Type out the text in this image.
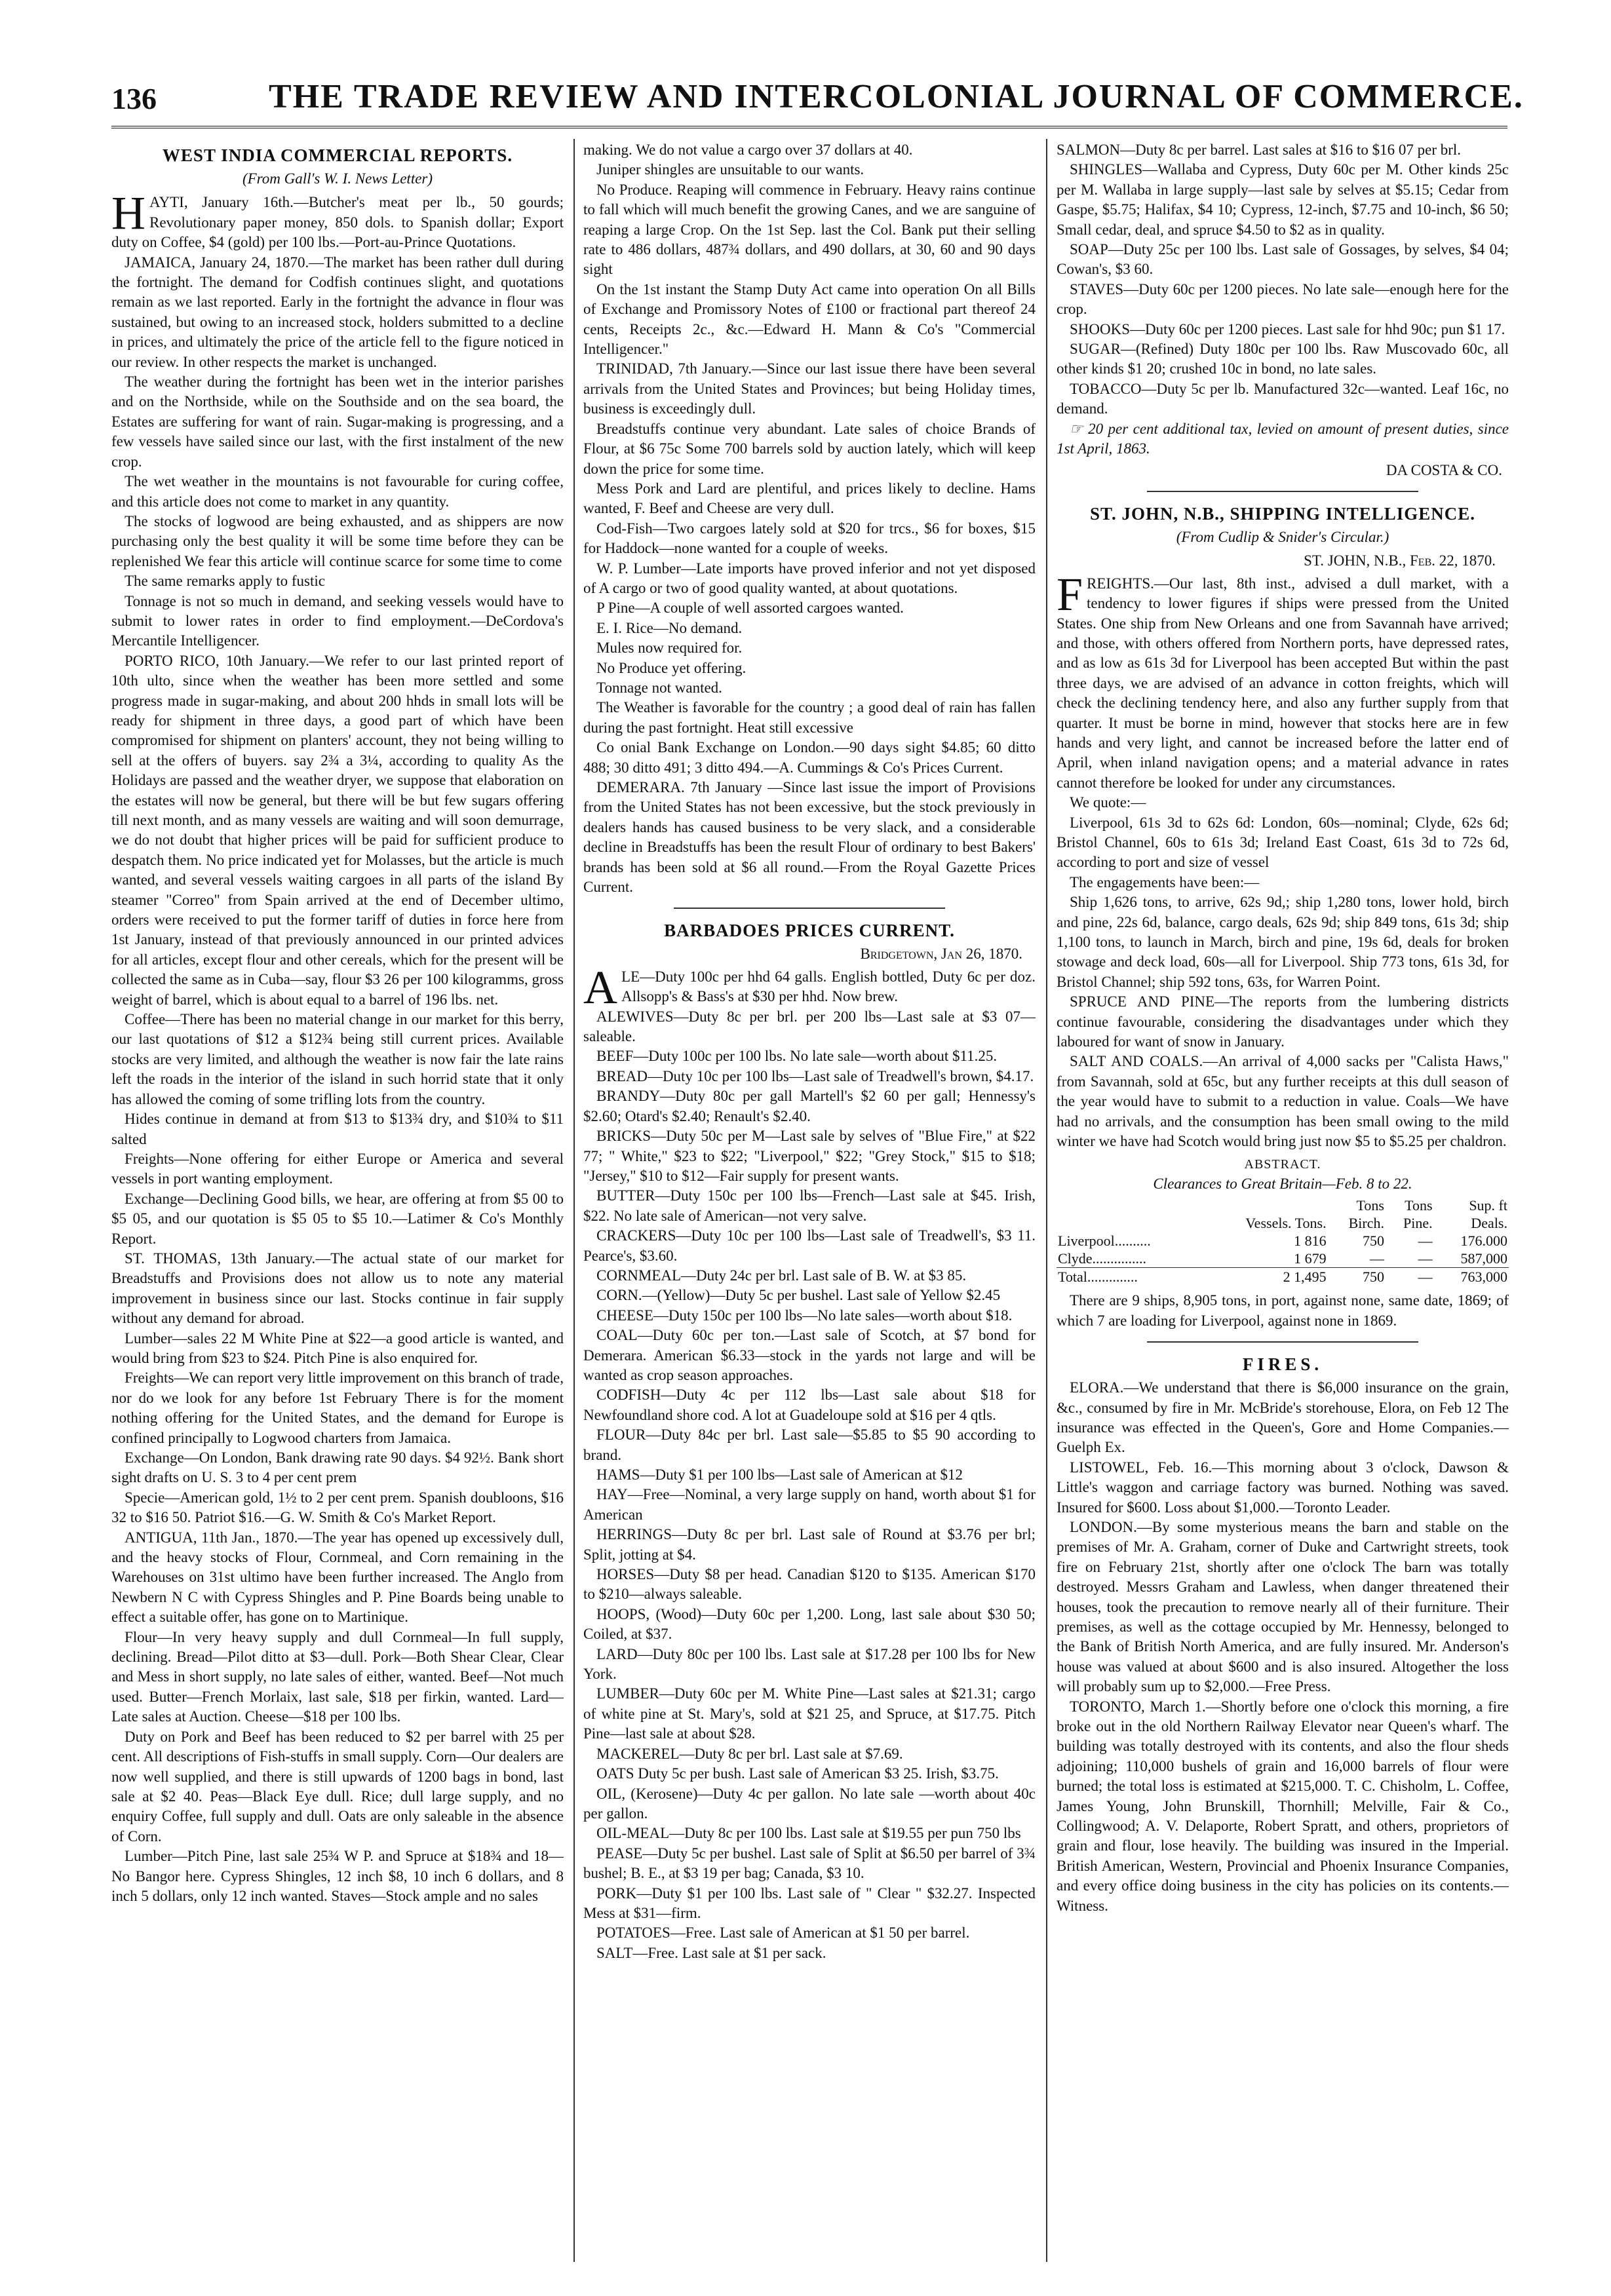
136	THE TRADE REVIEW AND INTERCOLONIAL JOURNAL OF COMMERCE.
WEST INDIA COMMERCIAL REPORTS.
(From Gall's W. I. News Letter)

HAYTI, January 16th.—Butcher's meat per lb., 50 gourds; Revolutionary paper money, 850 dols. to Spanish dollar; Export duty on Coffee, $4 (gold) per 100 lbs.—Port-au-Prince Quotations.

JAMAICA, January 24, 1870.—The market has been rather dull during the fortnight. The demand for Codfish continues slight, and quotations remain as we last reported. Early in the fortnight the advance in flour was sustained, but owing to an increased stock, holders submitted to a decline in prices, and ultimately the price of the article fell to the figure noticed in our review. In other respects the market is unchanged.

The weather during the fortnight has been wet in the interior parishes and on the Northside, while on the Southside and on the sea board, the Estates are suffering for want of rain. Sugar-making is progressing, and a few vessels have sailed since our last, with the first instalment of the new crop.

The wet weather in the mountains is not favourable for curing coffee, and this article does not come to market in any quantity.

The stocks of logwood are being exhausted, and as shippers are now purchasing only the best quality it will be some time before they can be replenished We fear this article will continue scarce for some time to come

The same remarks apply to fustic

Tonnage is not so much in demand, and seeking vessels would have to submit to lower rates in order to find employment.—DeCordova's Mercantile Intelligencer.

PORTO RICO, 10th January.—We refer to our last printed report of 10th ulto, since when the weather has been more settled and some progress made in sugar-making, and about 200 hhds in small lots will be ready for shipment in three days, a good part of which have been compromised for shipment on planters' account, they not being willing to sell at the offers of buyers. say 2¾ a 3¼, according to quality As the Holidays are passed and the weather dryer, we suppose that elaboration on the estates will now be general, but there will be but few sugars offering till next month, and as many vessels are waiting and will soon demurrage, we do not doubt that higher prices will be paid for sufficient produce to despatch them. No price indicated yet for Molasses, but the article is much wanted, and several vessels waiting cargoes in all parts of the island By steamer "Correo" from Spain arrived at the end of December ultimo, orders were received to put the former tariff of duties in force here from 1st January, instead of that previously announced in our printed advices for all articles, except flour and other cereals, which for the present will be collected the same as in Cuba—say, flour $3 26 per 100 kilogramms, gross weight of barrel, which is about equal to a barrel of 196 lbs. net.

Coffee—There has been no material change in our market for this berry, our last quotations of $12 a $12¾ being still current prices. Available stocks are very limited, and although the weather is now fair the late rains left the roads in the interior of the island in such horrid state that it only has allowed the coming of some trifling lots from the country.

Hides continue in demand at from $13 to $13¾ dry, and $10¾ to $11 salted

Freights—None offering for either Europe or America and several vessels in port wanting employment.

Exchange—Declining Good bills, we hear, are offering at from $5 00 to $5 05, and our quotation is $5 05 to $5 10.—Latimer & Co's Monthly Report.

ST. THOMAS, 13th January.—The actual state of our market for Breadstuffs and Provisions does not allow us to note any material improvement in business since our last. Stocks continue in fair supply without any demand for abroad.

Lumber—sales 22 M White Pine at $22—a good article is wanted, and would bring from $23 to $24. Pitch Pine is also enquired for.

Freights—We can report very little improvement on this branch of trade, nor do we look for any before 1st February There is for the moment nothing offering for the United States, and the demand for Europe is confined principally to Logwood charters from Jamaica.

Exchange—On London, Bank drawing rate 90 days. $4 92½. Bank short sight drafts on U. S. 3 to 4 per cent prem

Specie—American gold, 1½ to 2 per cent prem. Spanish doubloons, $16 32 to $16 50. Patriot $16.—G. W. Smith & Co's Market Report.

ANTIGUA, 11th Jan., 1870.—The year has opened up excessively dull, and the heavy stocks of Flour, Cornmeal, and Corn remaining in the Warehouses on 31st ultimo have been further increased. The Anglo from Newbern N C with Cypress Shingles and P. Pine Boards being unable to effect a suitable offer, has gone on to Martinique.

Flour—In very heavy supply and dull Cornmeal—In full supply, declining. Bread—Pilot ditto at $3—dull. Pork—Both Shear Clear, Clear and Mess in short supply, no late sales of either, wanted. Beef—Not much used. Butter—French Morlaix, last sale, $18 per firkin, wanted. Lard—Late sales at Auction. Cheese—$18 per 100 lbs.

Duty on Pork and Beef has been reduced to $2 per barrel with 25 per cent. All descriptions of Fish-stuffs in small supply. Corn—Our dealers are now well supplied, and there is still upwards of 1200 bags in bond, last sale at $2 40. Peas—Black Eye dull. Rice; dull large supply, and no enquiry Coffee, full supply and dull. Oats are only saleable in the absence of Corn.

Lumber—Pitch Pine, last sale 25¾ W P. and Spruce at $18¾ and 18—No Bangor here. Cypress Shingles, 12 inch $8, 10 inch 6 dollars, and 8 inch 5 dollars, only 12 inch wanted. Staves—Stock ample and no sales

making. We do not value a cargo over 37 dollars at 40.

Juniper shingles are unsuitable to our wants.

No Produce. Reaping will commence in February. Heavy rains continue to fall which will much benefit the growing Canes, and we are sanguine of reaping a large Crop. On the 1st Sep. last the Col. Bank put their selling rate to 486 dollars, 487¾ dollars, and 490 dollars, at 30, 60 and 90 days sight

On the 1st instant the Stamp Duty Act came into operation On all Bills of Exchange and Promissory Notes of £100 or fractional part thereof 24 cents, Receipts 2c., &c.—Edward H. Mann & Co's "Commercial Intelligencer."

TRINIDAD, 7th January.—Since our last issue there have been several arrivals from the United States and Provinces; but being Holiday times, business is exceedingly dull.

Breadstuffs continue very abundant. Late sales of choice Brands of Flour, at $6 75c Some 700 barrels sold by auction lately, which will keep down the price for some time.

Mess Pork and Lard are plentiful, and prices likely to decline. Hams wanted, F. Beef and Cheese are very dull.

Cod-Fish—Two cargoes lately sold at $20 for trcs., $6 for boxes, $15 for Haddock—none wanted for a couple of weeks.

W. P. Lumber—Late imports have proved inferior and not yet disposed of A cargo or two of good quality wanted, at about quotations.

P Pine—A couple of well assorted cargoes wanted.

E. I. Rice—No demand.

Mules now required for.

No Produce yet offering.

Tonnage not wanted.

The Weather is favorable for the country ; a good deal of rain has fallen during the past fortnight. Heat still excessive

Co onial Bank Exchange on London.—90 days sight $4.85; 60 ditto 488; 30 ditto 491; 3 ditto 494.—A. Cummings & Co's Prices Current.

DEMERARA. 7th January —Since last issue the import of Provisions from the United States has not been excessive, but the stock previously in dealers hands has caused business to be very slack, and a considerable decline in Breadstuffs has been the result Flour of ordinary to best Bakers' brands has been sold at $6 all round.—From the Royal Gazette Prices Current.

BARBADOES PRICES CURRENT.
Bridgetown, Jan 26, 1870.

ALE—Duty 100c per hhd 64 galls. English bottled, Duty 6c per doz. Allsopp's & Bass's at $30 per hhd. Now brew.

ALEWIVES—Duty 8c per brl. per 200 lbs—Last sale at $3 07—saleable.

BEEF—Duty 100c per 100 lbs. No late sale—worth about $11.25.

BREAD—Duty 10c per 100 lbs—Last sale of Treadwell's brown, $4.17.

BRANDY—Duty 80c per gall Martell's $2 60 per gall; Hennessy's $2.60; Otard's $2.40; Renault's $2.40.

BRICKS—Duty 50c per M—Last sale by selves of "Blue Fire," at $22 77; " White," $23 to $22; "Liverpool," $22; "Grey Stock," $15 to $18; "Jersey," $10 to $12—Fair supply for present wants.

BUTTER—Duty 150c per 100 lbs—French—Last sale at $45. Irish, $22. No late sale of American—not very salve.

CRACKERS—Duty 10c per 100 lbs—Last sale of Treadwell's, $3 11. Pearce's, $3.60.

CORNMEAL—Duty 24c per brl. Last sale of B. W. at $3 85.

CORN.—(Yellow)—Duty 5c per bushel. Last sale of Yellow $2.45

CHEESE—Duty 150c per 100 lbs—No late sales—worth about $18.

COAL—Duty 60c per ton.—Last sale of Scotch, at $7 bond for Demerara. American $6.33—stock in the yards not large and will be wanted as crop season approaches.

CODFISH—Duty 4c per 112 lbs—Last sale about $18 for Newfoundland shore cod. A lot at Guadeloupe sold at $16 per 4 qtls.

FLOUR—Duty 84c per brl. Last sale—$5.85 to $5 90 according to brand.

HAMS—Duty $1 per 100 lbs—Last sale of American at $12

HAY—Free—Nominal, a very large supply on hand, worth about $1 for American

HERRINGS—Duty 8c per brl. Last sale of Round at $3.76 per brl; Split, jotting at $4.

HORSES—Duty $8 per head. Canadian $120 to $135. American $170 to $210—always saleable.

HOOPS, (Wood)—Duty 60c per 1,200. Long, last sale about $30 50; Coiled, at $37.

LARD—Duty 80c per 100 lbs. Last sale at $17.28 per 100 lbs for New York.

LUMBER—Duty 60c per M. White Pine—Last sales at $21.31; cargo of white pine at St. Mary's, sold at $21 25, and Spruce, at $17.75. Pitch Pine—last sale at about $28.

MACKEREL—Duty 8c per brl. Last sale at $7.69.

OATS Duty 5c per bush. Last sale of American $3 25. Irish, $3.75.

OIL, (Kerosene)—Duty 4c per gallon. No late sale —worth about 40c per gallon.

OIL-MEAL—Duty 8c per 100 lbs. Last sale at $19.55 per pun 750 lbs

PEASE—Duty 5c per bushel. Last sale of Split at $6.50 per barrel of 3¾ bushel; B. E., at $3 19 per bag; Canada, $3 10.

PORK—Duty $1 per 100 lbs. Last sale of " Clear " $32.27. Inspected Mess at $31—firm.

POTATOES—Free. Last sale of American at $1 50 per barrel.

SALT—Free. Last sale at $1 per sack.

SALMON—Duty 8c per barrel. Last sales at $16 to $16 07 per brl.

SHINGLES—Wallaba and Cypress, Duty 60c per M. Other kinds 25c per M. Wallaba in large supply—last sale by selves at $5.15; Cedar from Gaspe, $5.75; Halifax, $4 10; Cypress, 12-inch, $7.75 and 10-inch, $6 50; Small cedar, deal, and spruce $4.50 to $2 as in quality.

SOAP—Duty 25c per 100 lbs. Last sale of Gossages, by selves, $4 04; Cowan's, $3 60.

STAVES—Duty 60c per 1200 pieces. No late sale—enough here for the crop.

SHOOKS—Duty 60c per 1200 pieces. Last sale for hhd 90c; pun $1 17.

SUGAR—(Refined) Duty 180c per 100 lbs. Raw Muscovado 60c, all other kinds $1 20; crushed 10c in bond, no late sales.

TOBACCO—Duty 5c per lb. Manufactured 32c—wanted. Leaf 16c, no demand.

☞ 20 per cent additional tax, levied on amount of present duties, since 1st April, 1863.

DA COSTA & CO.
ST. JOHN, N.B., SHIPPING INTELLIGENCE.
(From Cudlip & Snider's Circular.)
ST. JOHN, N.B., Feb. 22, 1870.

FREIGHTS.—Our last, 8th inst., advised a dull market, with a tendency to lower figures if ships were pressed from the United States. One ship from New Orleans and one from Savannah have arrived; and those, with others offered from Northern ports, have depressed rates, and as low as 61s 3d for Liverpool has been accepted But within the past three days, we are advised of an advance in cotton freights, which will check the declining tendency here, and also any further supply from that quarter. It must be borne in mind, however that stocks here are in few hands and very light, and cannot be increased before the latter end of April, when inland navigation opens; and a material advance in rates cannot therefore be looked for under any circumstances.

We quote:—

Liverpool, 61s 3d to 62s 6d: London, 60s—nominal; Clyde, 62s 6d; Bristol Channel, 60s to 61s 3d; Ireland East Coast, 61s 3d to 72s 6d, according to port and size of vessel

The engagements have been:—

Ship 1,626 tons, to arrive, 62s 9d,; ship 1,280 tons, lower hold, birch and pine, 22s 6d, balance, cargo deals, 62s 9d; ship 849 tons, 61s 3d; ship 1,100 tons, to launch in March, birch and pine, 19s 6d, deals for broken stowage and deck load, 60s—all for Liverpool. Ship 773 tons, 61s 3d, for Bristol Channel; ship 592 tons, 63s, for Warren Point.

SPRUCE AND PINE—The reports from the lumbering districts continue favourable, considering the disadvantages under which they laboured for want of snow in January.

SALT AND COALS.—An arrival of 4,000 sacks per "Calista Haws," from Savannah, sold at 65c, but any further receipts at this dull season of the year would have to submit to a reduction in value. Coals—We have had no arrivals, and the consumption has been small owing to the mild winter we have had Scotch would bring just now $5 to $5.25 per chaldron.

ABSTRACT.
Clearances to Great Britain—Feb. 8 to 22.
		Tons	Tons	Sup. ft
	Vessels. Tons.	Birch.	Pine.	Deals.
Liverpool..........	1 816	750	—	176.000
Clyde...............	1 679	—	—	587,000
Total..............	2 1,495	750	—	763,000

There are 9 ships, 8,905 tons, in port, against none, same date, 1869; of which 7 are loading for Liverpool, against none in 1869.

FIRES.

ELORA.—We understand that there is $6,000 insurance on the grain, &c., consumed by fire in Mr. McBride's storehouse, Elora, on Feb 12 The insurance was effected in the Queen's, Gore and Home Companies.—Guelph Ex.

LISTOWEL, Feb. 16.—This morning about 3 o'clock, Dawson & Little's waggon and carriage factory was burned. Nothing was saved. Insured for $600. Loss about $1,000.—Toronto Leader.

LONDON.—By some mysterious means the barn and stable on the premises of Mr. A. Graham, corner of Duke and Cartwright streets, took fire on February 21st, shortly after one o'clock The barn was totally destroyed. Messrs Graham and Lawless, when danger threatened their houses, took the precaution to remove nearly all of their furniture. Their premises, as well as the cottage occupied by Mr. Hennessy, belonged to the Bank of British North America, and are fully insured. Mr. Anderson's house was valued at about $600 and is also insured. Altogether the loss will probably sum up to $2,000.—Free Press.

TORONTO, March 1.—Shortly before one o'clock this morning, a fire broke out in the old Northern Railway Elevator near Queen's wharf. The building was totally destroyed with its contents, and also the flour sheds adjoining; 110,000 bushels of grain and 16,000 barrels of flour were burned; the total loss is estimated at $215,000. T. C. Chisholm, L. Coffee, James Young, John Brunskill, Thornhill; Melville, Fair & Co., Collingwood; A. V. Delaporte, Robert Spratt, and others, proprietors of grain and flour, lose heavily. The building was insured in the Imperial. British American, Western, Provincial and Phoenix Insurance Companies, and every office doing business in the city has policies on its contents.—Witness.
